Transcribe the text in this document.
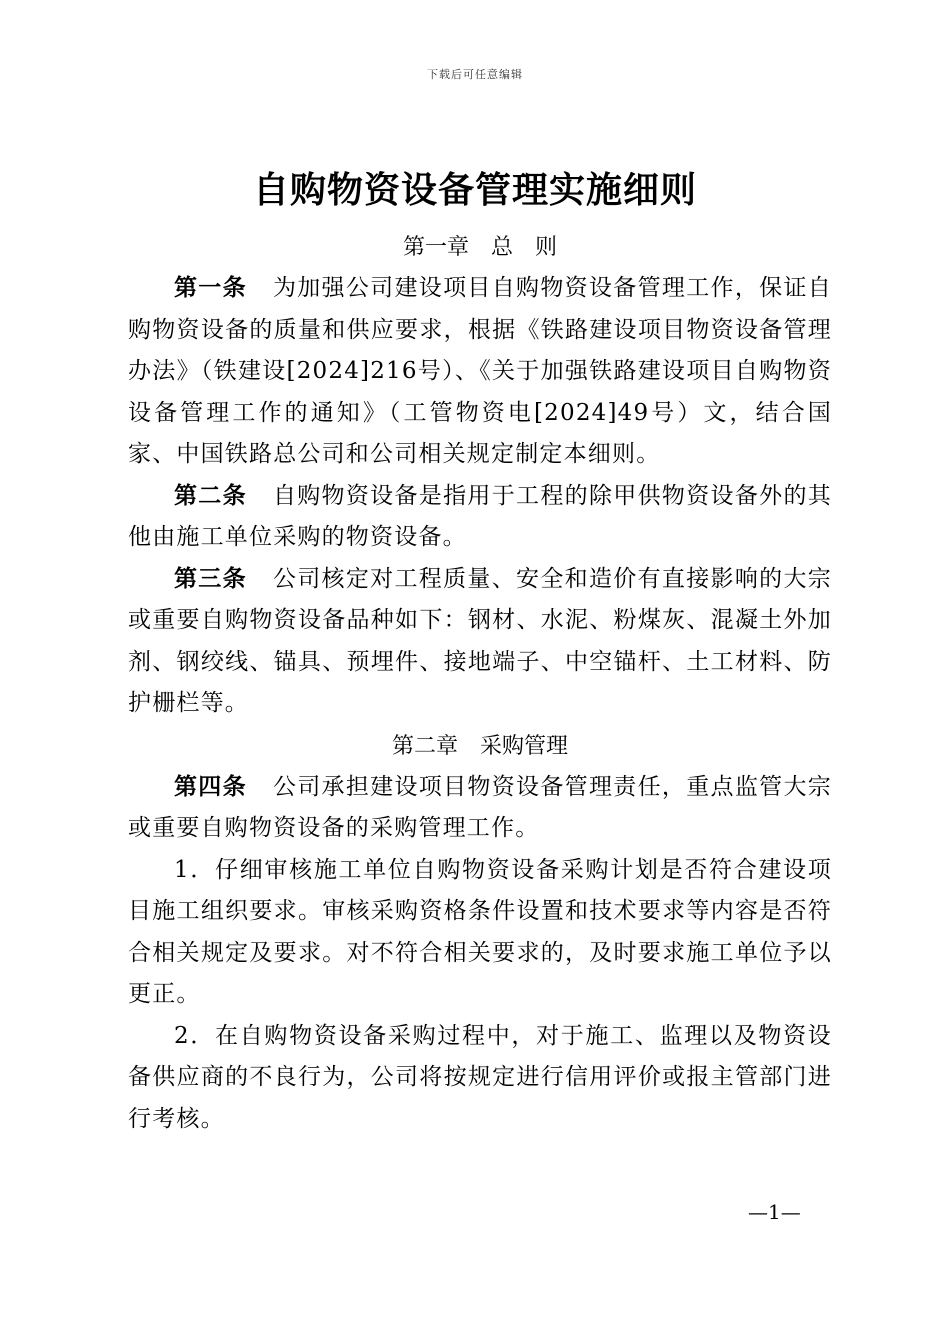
下载后可任意编辑
自购物资设备管理实施细则
第一章　总　则

第一条 为加强公司建设项目自购物资设备管理工作，保证自购物资设备的质量和供应要求，根据《铁路建设项目物资设备管理办法》（铁建设[2024]216号）、《关于加强铁路建设项目自购物资设备管理工作的通知》（工管物资电[2024]49号）文，结合国家、中国铁路总公司和公司相关规定制定本细则。

第二条 自购物资设备是指用于工程的除甲供物资设备外的其他由施工单位采购的物资设备。

第三条 公司核定对工程质量、安全和造价有直接影响的大宗或重要自购物资设备品种如下：钢材、水泥、粉煤灰、混凝土外加剂、钢绞线、锚具、预埋件、接地端子、中空锚杆、土工材料、防护栅栏等。

第二章　采购管理

第四条 公司承担建设项目物资设备管理责任，重点监管大宗或重要自购物资设备的采购管理工作。

1．仔细审核施工单位自购物资设备采购计划是否符合建设项目施工组织要求。审核采购资格条件设置和技术要求等内容是否符合相关规定及要求。对不符合相关要求的，及时要求施工单位予以更正。

2．在自购物资设备采购过程中，对于施工、监理以及物资设备供应商的不良行为，公司将按规定进行信用评价或报主管部门进行考核。

—1—
